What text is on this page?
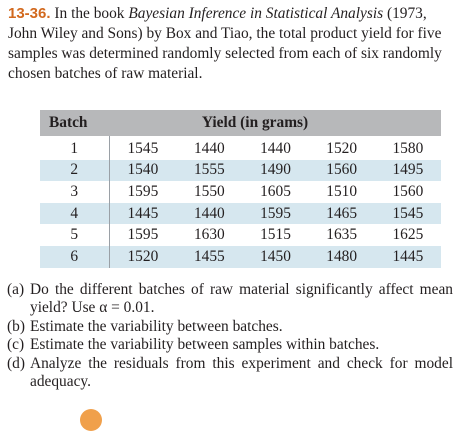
13-36. In the book Bayesian Inference in Statistical Analysis (1973, John Wiley and Sons) by Box and Tiao, the total product yield for five samples was determined randomly selected from each of six randomly chosen batches of raw material.
Batch	Yield (in grams)				
1	1545	1440	1440	1520	1580
2	1540	1555	1490	1560	1495
3	1595	1550	1605	1510	1560
4	1445	1440	1595	1465	1545
5	1595	1630	1515	1635	1625
6	1520	1455	1450	1480	1445
(a) Do the different batches of raw material significantly affect mean yield? Use α = 0.01.
(b) Estimate the variability between batches.
(c) Estimate the variability between samples within batches.
(d) Analyze the residuals from this experiment and check for model adequacy.
